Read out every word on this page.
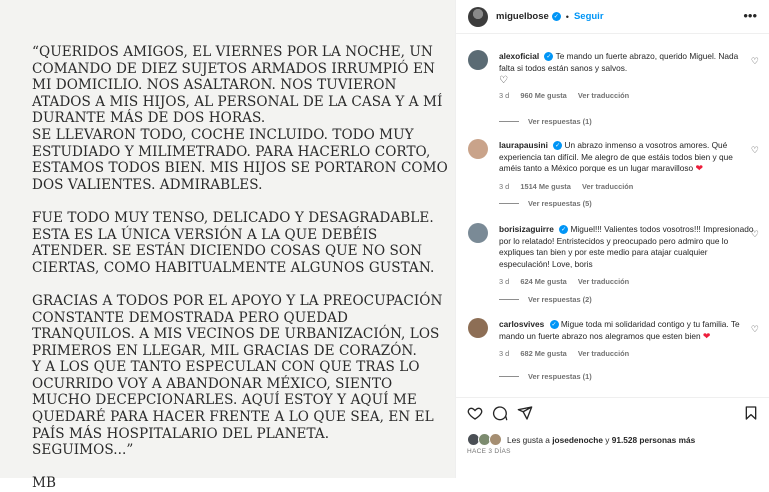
“QUERIDOS AMIGOS, EL VIERNES POR LA NOCHE, UN
COMANDO DE DIEZ SUJETOS ARMADOS IRRUMPIÓ EN
MI DOMICILIO. NOS ASALTARON. NOS TUVIERON
ATADOS A MIS HIJOS, AL PERSONAL DE LA CASA Y A MÍ
DURANTE MÁS DE DOS HORAS.
SE LLEVARON TODO, COCHE INCLUIDO. TODO MUY
ESTUDIADO Y MILIMETRADO. PARA HACERLO CORTO,
ESTAMOS TODOS BIEN. MIS HIJOS SE PORTARON COMO
DOS VALIENTES. ADMIRABLES.
FUE TODO MUY TENSO, DELICADO Y DESAGRADABLE.
ESTA ES LA ÚNICA VERSIÓN A LA QUE DEBÉIS
ATENDER. SE ESTÁN DICIENDO COSAS QUE NO SON
CIERTAS, COMO HABITUALMENTE ALGUNOS GUSTAN.
GRACIAS A TODOS POR EL APOYO Y LA PREOCUPACIÓN
CONSTANTE DEMOSTRADA PERO QUEDAD
TRANQUILOS. A MIS VECINOS DE URBANIZACIÓN, LOS
PRIMEROS EN LLEGAR, MIL GRACIAS DE CORAZÓN.
Y A LOS QUE TANTO ESPECULAN CON QUE TRAS LO
OCURRIDO VOY A ABANDONAR MÉXICO, SIENTO
MUCHO DECEPCIONARLES. AQUÍ ESTOY Y AQUÍ ME
QUEDARÉ PARA HACER FRENTE A LO QUE SEA, EN EL
PAÍS MÁS HOSPITALARIO DEL PLANETA.
SEGUIMOS...”
MB
miguelbose ✓ • Seguir	•••
alexoficial ✓ Te mando un fuerte abrazo, querido Miguel. Nada falta si todos están sanos y salvos.
♡
3 d 960 Me gusta Ver traducción
♡
Ver respuestas (1)
laurapausini ✓ Un abrazo inmenso a vosotros amores. Qué experiencia tan difícil. Me alegro de que estáis todos bien y que améis tanto a México porque es un lugar maravilloso ❤
3 d 1514 Me gusta Ver traducción
♡
Ver respuestas (5)
borisizaguirre ✓ Miguel!!! Valientes todos vosotros!!! Impresionado por lo relatado! Entristecidos y preocupado pero admiro que lo expliques tan bien y por este medio para atajar cualquier especulación! Love, boris
3 d 624 Me gusta Ver traducción
♡
Ver respuestas (2)
carlosvives ✓ Migue toda mi solidaridad contigo y tu familia. Te mando un fuerte abrazo nos alegramos que esten bien ❤
3 d 682 Me gusta Ver traducción
♡
Ver respuestas (1)
Les gusta a
josedenoche
y
91.528 personas más
HACE 3 DÍAS
